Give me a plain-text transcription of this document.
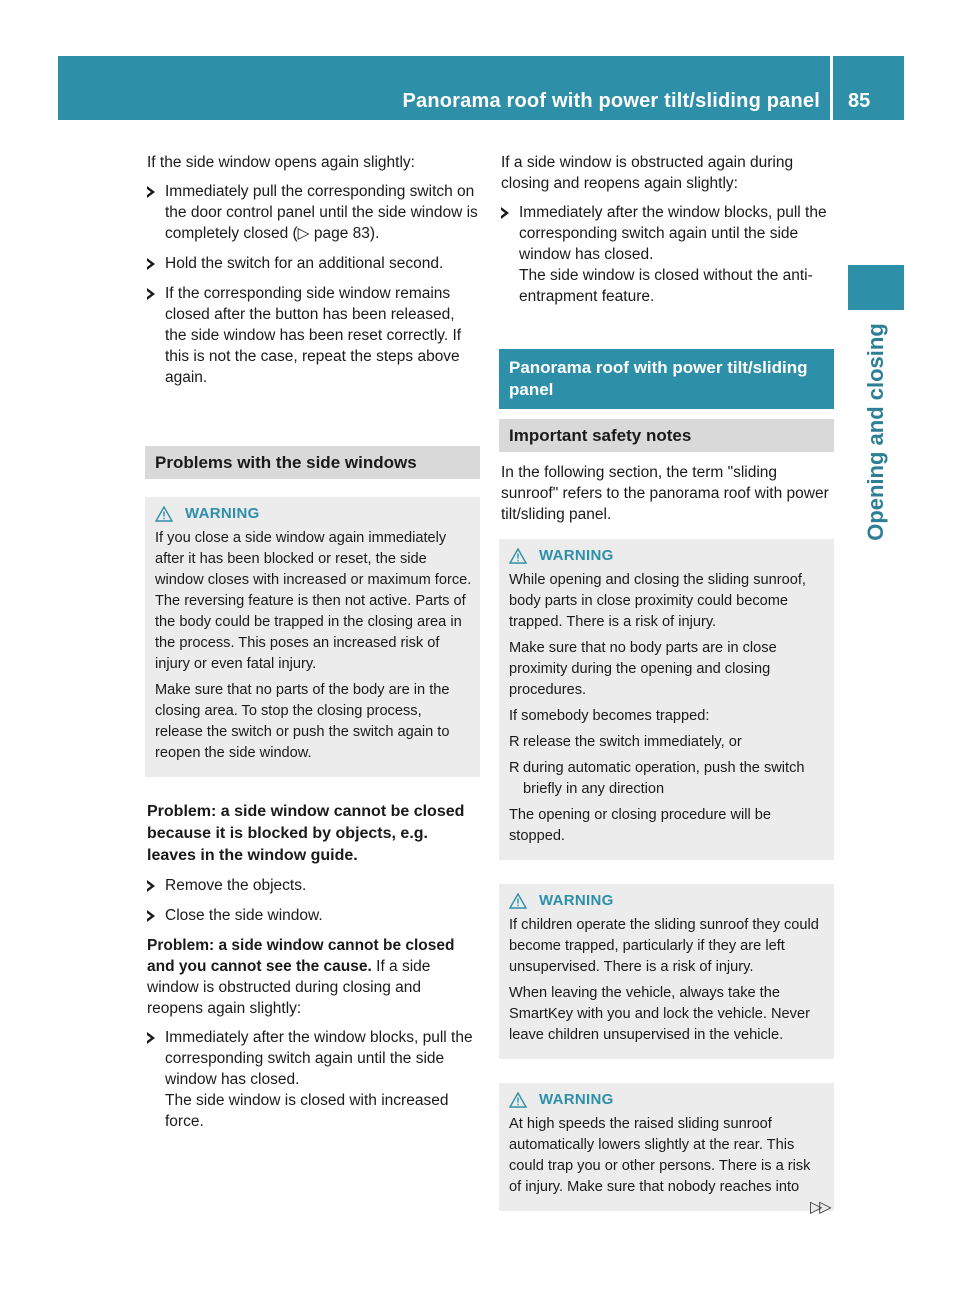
Panorama roof with power tilt/sliding panel 85
Opening and closing

If the side window opens again slightly:

Immediately pull the corresponding switch on the door control panel until the side window is completely closed (▷ page 83).
Hold the switch for an additional second.
If the corresponding side window remains closed after the button has been released, the side window has been reset correctly. If this is not the case, repeat the steps above again.
Problems with the side windows
WARNING

If you close a side window again immediately after it has been blocked or reset, the side window closes with increased or maximum force. The reversing feature is then not active. Parts of the body could be trapped in the closing area in the process. This poses an increased risk of injury or even fatal injury.

Make sure that no parts of the body are in the closing area. To stop the closing process, release the switch or push the switch again to reopen the side window.

Problem: a side window cannot be closed because it is blocked by objects, e.g. leaves in the window guide.

Remove the objects.
Close the side window.

Problem: a side window cannot be closed and you cannot see the cause. If a side window is obstructed during closing and reopens again slightly:

Immediately after the window blocks, pull the corresponding switch again until the side window has closed.
The side window is closed with increased force.

If a side window is obstructed again during closing and reopens again slightly:

Immediately after the window blocks, pull the corresponding switch again until the side window has closed.
The side window is closed without the anti-entrapment feature.
Panorama roof with power tilt/sliding panel
Important safety notes

In the following section, the term "sliding sunroof" refers to the panorama roof with power tilt/sliding panel.

WARNING

While opening and closing the sliding sunroof, body parts in close proximity could become trapped. There is a risk of injury.

Make sure that no body parts are in close proximity during the opening and closing procedures.

If somebody becomes trapped:

R release the switch immediately, or
R during automatic operation, push the switch briefly in any direction

The opening or closing procedure will be stopped.

WARNING

If children operate the sliding sunroof they could become trapped, particularly if they are left unsupervised. There is a risk of injury.

When leaving the vehicle, always take the SmartKey with you and lock the vehicle. Never leave children unsupervised in the vehicle.

WARNING

At high speeds the raised sliding sunroof automatically lowers slightly at the rear. This could trap you or other persons. There is a risk of injury. Make sure that nobody reaches into

▷▷
